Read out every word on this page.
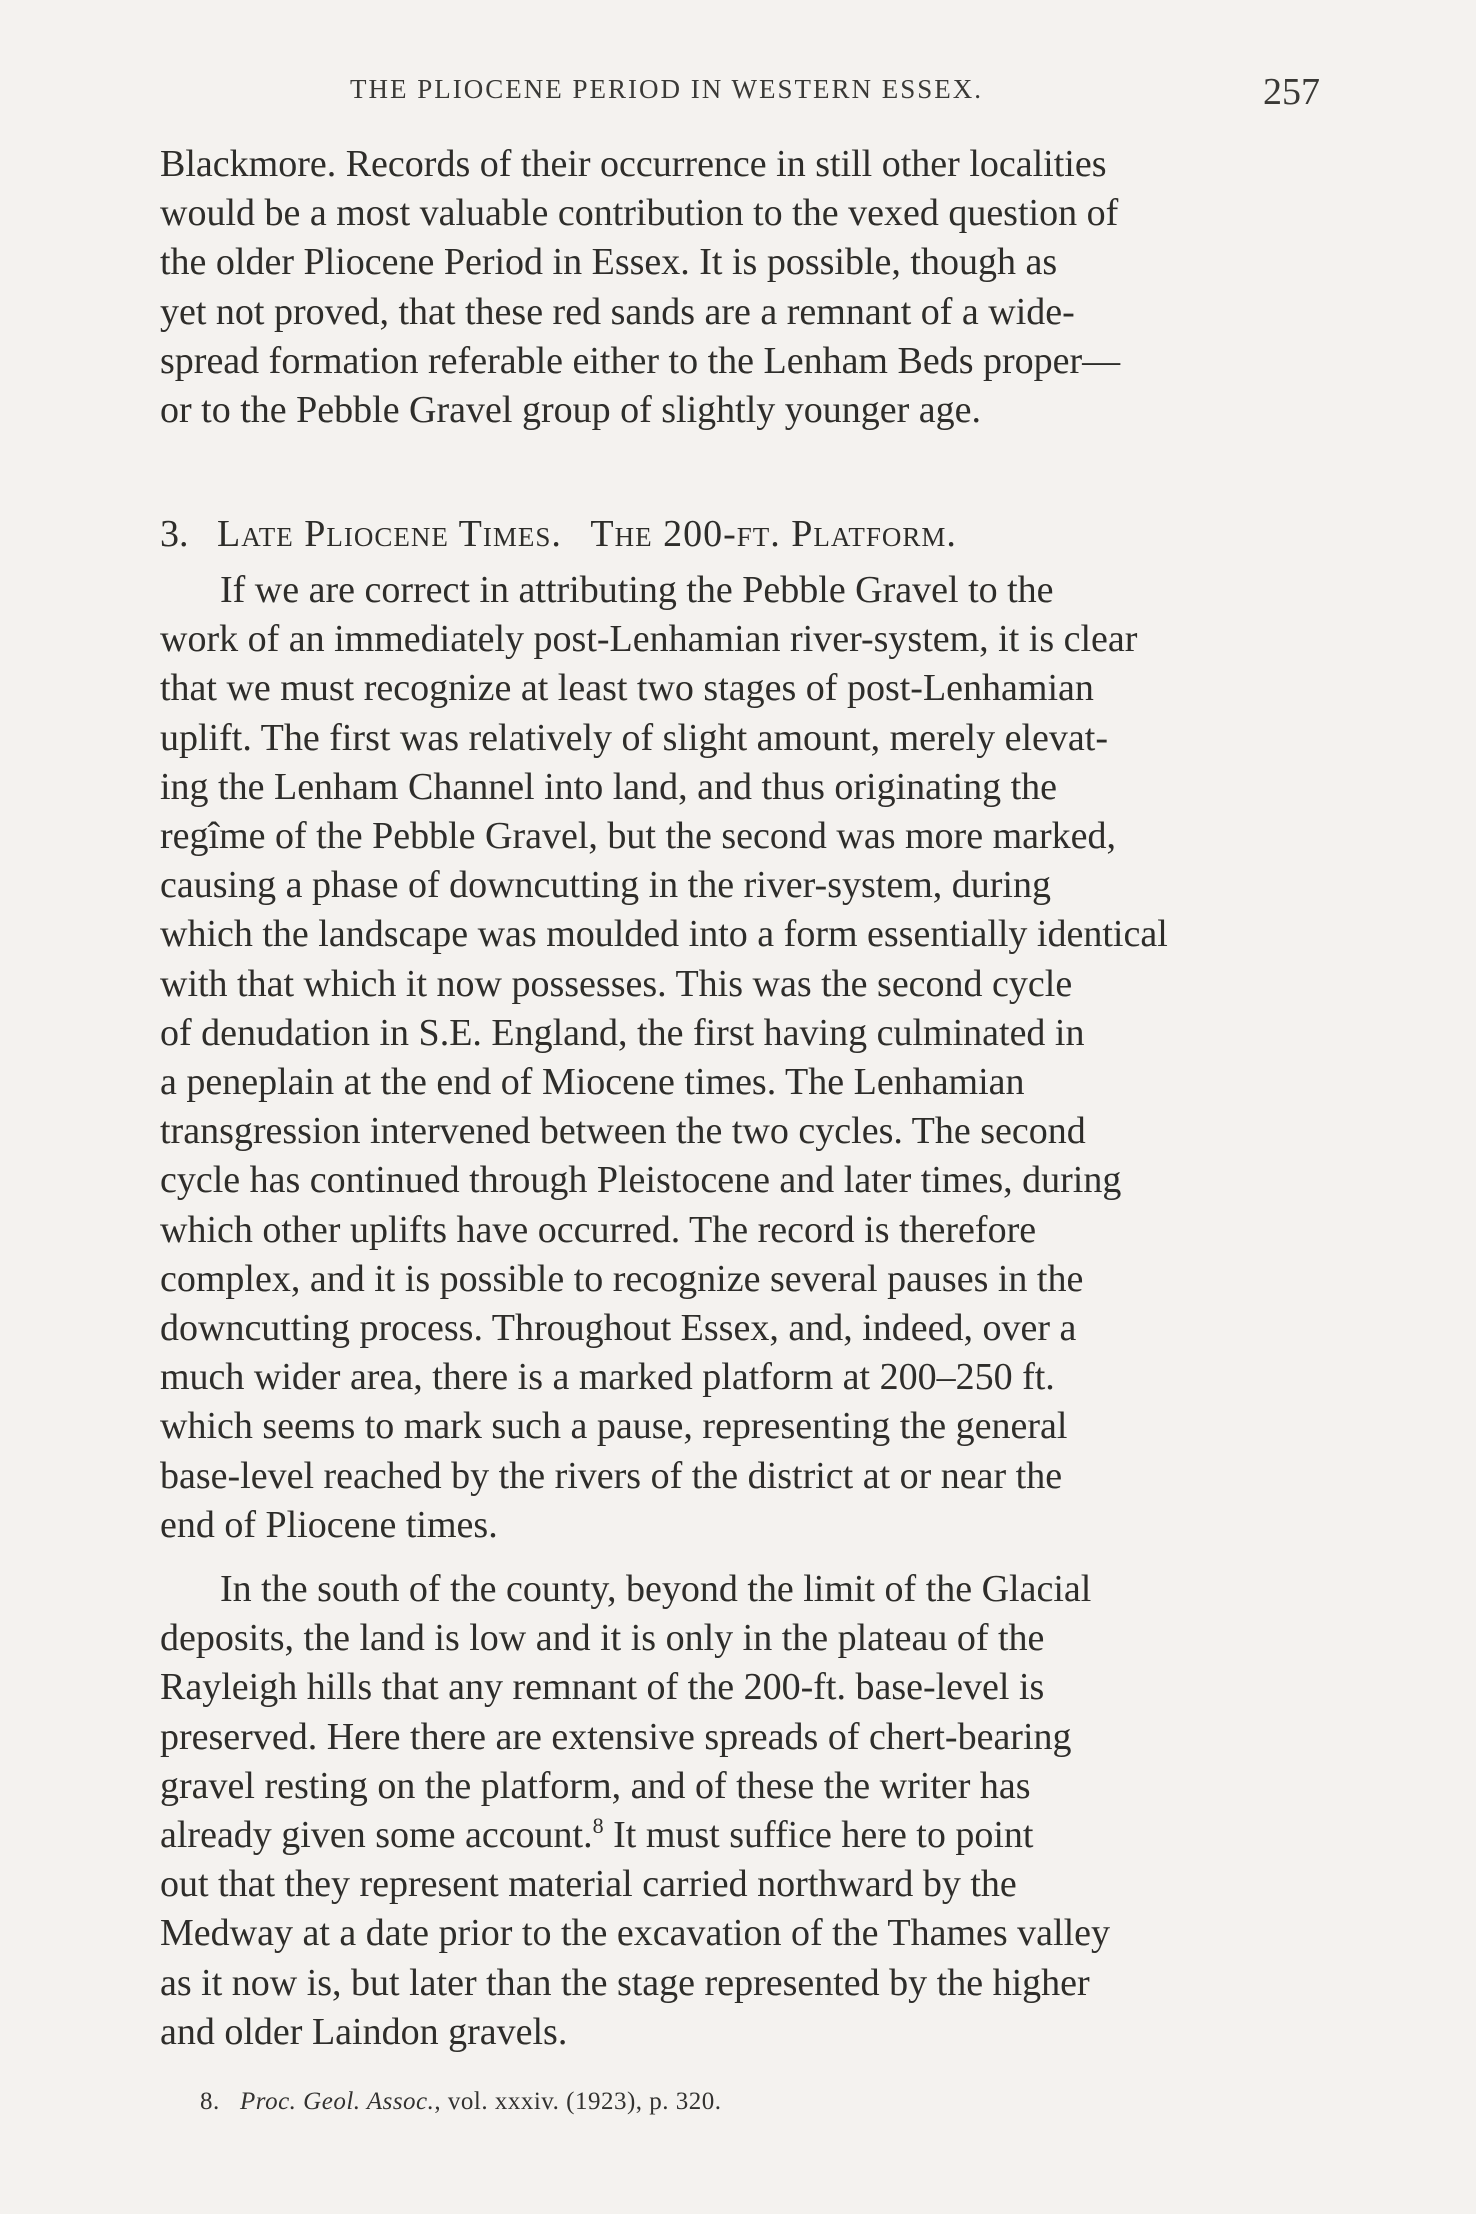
THE PLIOCENE PERIOD IN WESTERN ESSEX.	257

Blackmore. Records of their occurrence in still other localities
would be a most valuable contribution to the vexed question of
the older Pliocene Period in Essex. It is possible, though as
yet not proved, that these red sands are a remnant of a wide-
spread formation referable either to the Lenham Beds proper—
or to the Pebble Gravel group of slightly younger age.

3. Late Pliocene Times. The 200-ft. Platform.

If we are correct in attributing the Pebble Gravel to the
work of an immediately post-Lenhamian river-system, it is clear
that we must recognize at least two stages of post-Lenhamian
uplift. The first was relatively of slight amount, merely elevat-
ing the Lenham Channel into land, and thus originating the
regîme of the Pebble Gravel, but the second was more marked,
causing a phase of downcutting in the river-system, during
which the landscape was moulded into a form essentially identical
with that which it now possesses. This was the second cycle
of denudation in S.E. England, the first having culminated in
a peneplain at the end of Miocene times. The Lenhamian
transgression intervened between the two cycles. The second
cycle has continued through Pleistocene and later times, during
which other uplifts have occurred. The record is therefore
complex, and it is possible to recognize several pauses in the
downcutting process. Throughout Essex, and, indeed, over a
much wider area, there is a marked platform at 200–250 ft.
which seems to mark such a pause, representing the general
base-level reached by the rivers of the district at or near the
end of Pliocene times.

In the south of the county, beyond the limit of the Glacial
deposits, the land is low and it is only in the plateau of the
Rayleigh hills that any remnant of the 200-ft. base-level is
preserved. Here there are extensive spreads of chert-bearing
gravel resting on the platform, and of these the writer has
already given some account.$^8$ It must suffice here to point
out that they represent material carried northward by the
Medway at a date prior to the excavation of the Thames valley
as it now is, but later than the stage represented by the higher
and older Laindon gravels.

8. Proc. Geol. Assoc., vol. xxxiv. (1923), p. 320.
